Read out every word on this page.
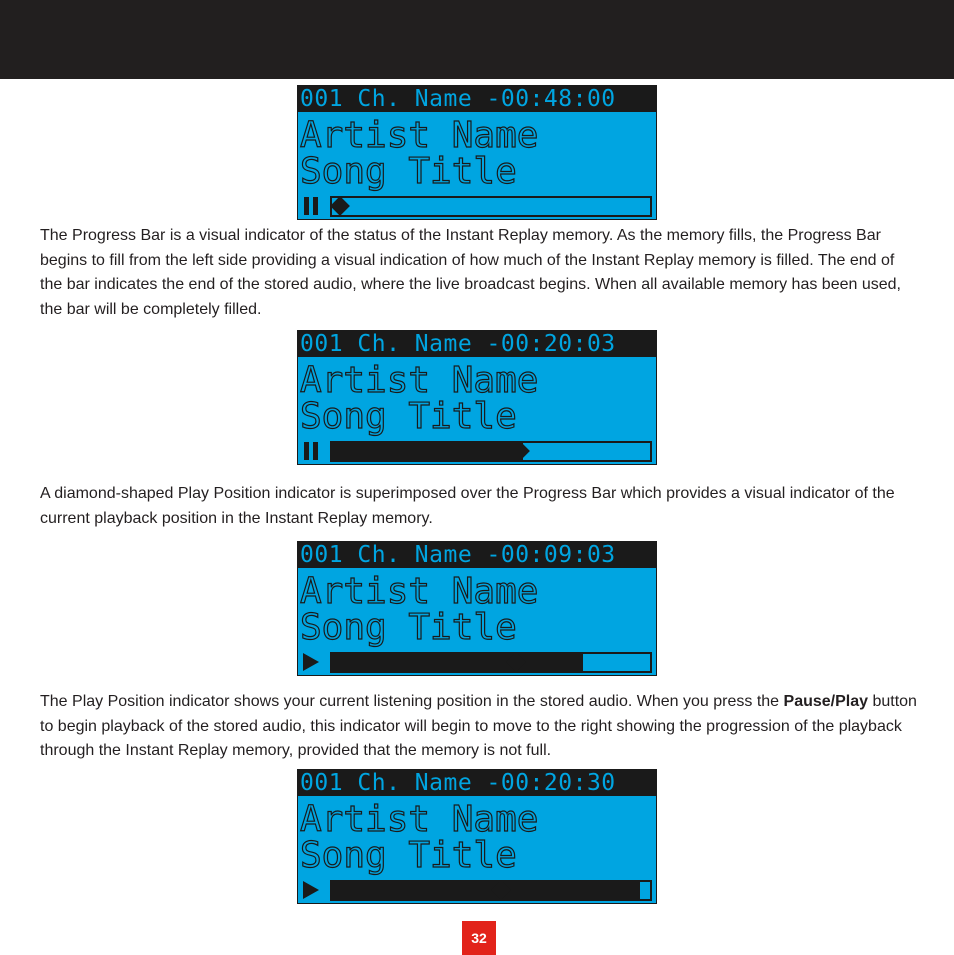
001 Ch. Name -00:48:00
Artist Name
Song Title

The Progress Bar is a visual indicator of the status of the Instant Replay memory. As the memory fills, the Progress Bar begins to fill from the left side providing a visual indication of how much of the Instant Replay memory is filled. The end of the bar indicates the end of the stored audio, where the live broadcast begins. When all available memory has been used, the bar will be completely filled.

001 Ch. Name -00:20:03
Artist Name
Song Title

A diamond-shaped Play Position indicator is superimposed over the Progress Bar which provides a visual indicator of the current playback position in the Instant Replay memory.

001 Ch. Name -00:09:03
Artist Name
Song Title

The Play Position indicator shows your current listening position in the stored audio. When you press the Pause/Play button to begin playback of the stored audio, this indicator will begin to move to the right showing the progression of the playback through the Instant Replay memory, provided that the memory is not full.

001 Ch. Name -00:20:30
Artist Name
Song Title
32
